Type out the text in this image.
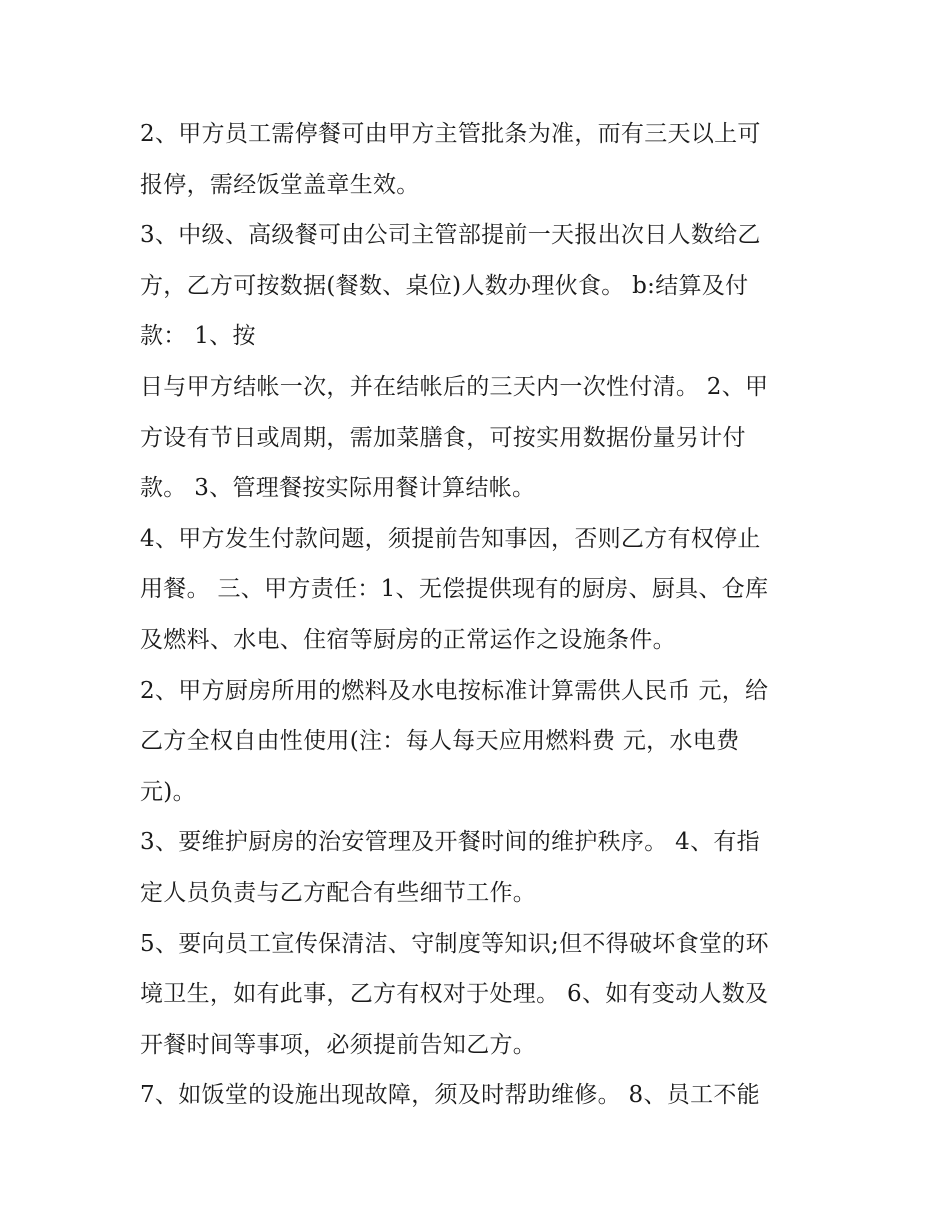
2、甲方员工需停餐可由甲方主管批条为准，而有三天以上可
报停，需经饭堂盖章生效。
3、中级、高级餐可由公司主管部提前一天报出次日人数给乙
方，乙方可按数据(餐数、桌位)人数办理伙食。 b:结算及付
款： 1、按
日与甲方结帐一次，并在结帐后的三天内一次性付清。 2、甲
方设有节日或周期，需加菜膳食，可按实用数据份量另计付
款。 3、管理餐按实际用餐计算结帐。
4、甲方发生付款问题，须提前告知事因，否则乙方有权停止
用餐。 三、甲方责任：1、无偿提供现有的厨房、厨具、仓库
及燃料、水电、住宿等厨房的正常运作之设施条件。
2、甲方厨房所用的燃料及水电按标准计算需供人民币 元，给
乙方全权自由性使用(注：每人每天应用燃料费 元，水电费
元)。
3、要维护厨房的治安管理及开餐时间的维护秩序。 4、有指
定人员负责与乙方配合有些细节工作。
5、要向员工宣传保清洁、守制度等知识;但不得破坏食堂的环
境卫生，如有此事，乙方有权对于处理。 6、如有变动人数及
开餐时间等事项，必须提前告知乙方。
7、如饭堂的设施出现故障，须及时帮助维修。 8、员工不能
